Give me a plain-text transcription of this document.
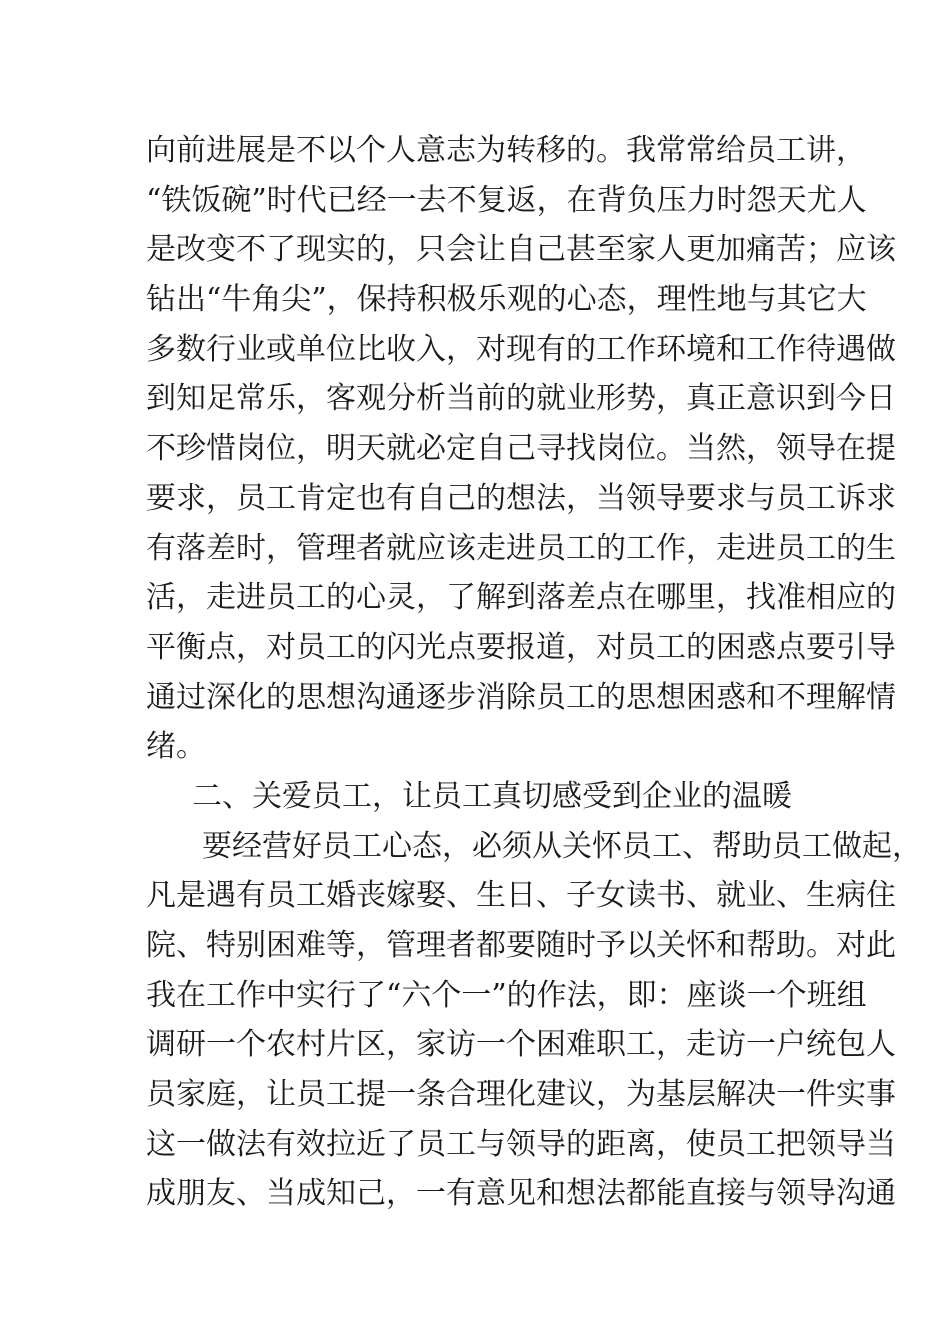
向前进展是不以个人意志为转移的。我常常给员工讲，
“铁饭碗”时代已经一去不复返，在背负压力时怨天尤人
是改变不了现实的，只会让自己甚至家人更加痛苦；应该
钻出“牛角尖”，保持积极乐观的心态，理性地与其它大
多数行业或单位比收入，对现有的工作环境和工作待遇做
到知足常乐，客观分析当前的就业形势，真正意识到今日
不珍惜岗位，明天就必定自己寻找岗位。当然，领导在提
要求，员工肯定也有自己的想法，当领导要求与员工诉求
有落差时，管理者就应该走进员工的工作，走进员工的生
活，走进员工的心灵，了解到落差点在哪里，找准相应的
平衡点，对员工的闪光点要报道，对员工的困惑点要引导
通过深化的思想沟通逐步消除员工的思想困惑和不理解情
绪。
二、关爱员工，让员工真切感受到企业的温暖
要经营好员工心态，必须从关怀员工、帮助员工做起，
凡是遇有员工婚丧嫁娶、生日、子女读书、就业、生病住
院、特别困难等，管理者都要随时予以关怀和帮助。对此
我在工作中实行了“六个一”的作法，即：座谈一个班组
调研一个农村片区，家访一个困难职工，走访一户统包人
员家庭，让员工提一条合理化建议，为基层解决一件实事
这一做法有效拉近了员工与领导的距离，使员工把领导当
成朋友、当成知己，一有意见和想法都能直接与领导沟通
